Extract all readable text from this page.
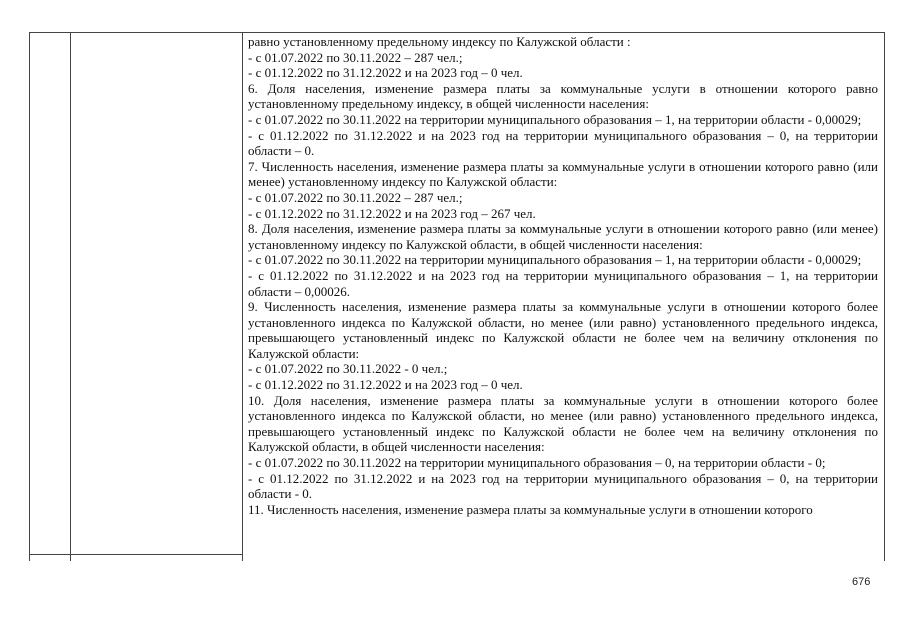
равно установленному предельному индексу по Калужской области :

- с 01.07.2022 по 30.11.2022 – 287 чел.;

- с 01.12.2022 по 31.12.2022 и на 2023 год – 0 чел.

6. Доля населения, изменение размера платы за коммунальные услуги в отношении которого равно установленному предельному индексу, в общей численности населения:

- с 01.07.2022 по 30.11.2022 на территории муниципального образования – 1, на территории области - 0,00029;

- с 01.12.2022 по 31.12.2022 и на 2023 год на территории муниципального образования – 0, на территории области – 0.

7. Численность населения, изменение размера платы за коммунальные услуги в отношении которого равно (или менее) установленному индексу по Калужской области:

- с 01.07.2022 по 30.11.2022 – 287 чел.;

- с 01.12.2022 по 31.12.2022 и на 2023 год – 267 чел.

8. Доля населения, изменение размера платы за коммунальные услуги в отношении которого равно (или менее) установленному индексу по Калужской области, в общей численности населения:

- с 01.07.2022 по 30.11.2022 на территории муниципального образования – 1, на территории области - 0,00029;

- с 01.12.2022 по 31.12.2022 и на 2023 год на территории муниципального образования – 1, на территории области – 0,00026.

9. Численность населения, изменение размера платы за коммунальные услуги в отношении которого более установленного индекса по Калужской области, но менее (или равно) установленного предельного индекса, превышающего установленный индекс по Калужской области не более чем на величину отклонения по Калужской области:

- с 01.07.2022 по 30.11.2022 - 0 чел.;

- с 01.12.2022 по 31.12.2022 и на 2023 год – 0 чел.

10. Доля населения, изменение размера платы за коммунальные услуги в отношении которого более установленного индекса по Калужской области, но менее (или равно) установленного предельного индекса, превышающего установленный индекс по Калужской области не более чем на величину отклонения по Калужской области, в общей численности населения:

- с 01.07.2022 по 30.11.2022 на территории муниципального образования – 0, на территории области - 0;

- с 01.12.2022 по 31.12.2022 и на 2023 год на территории муниципального образования – 0, на территории области - 0.

11. Численность населения, изменение размера платы за коммунальные услуги в отношении которого

676
